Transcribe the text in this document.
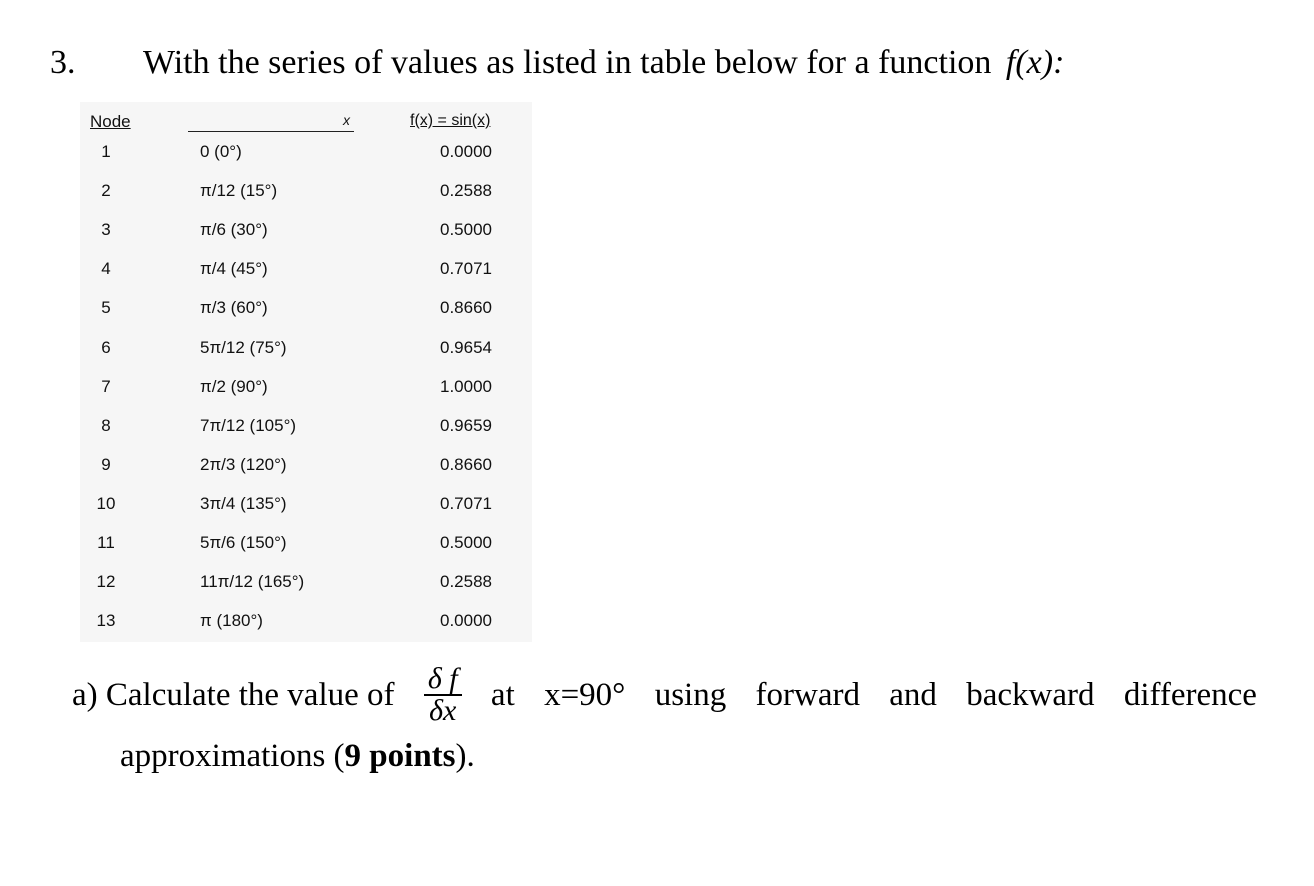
3. With the series of values as listed in table below for a function f(x):
Node	x	f(x) = sin(x)
1	0 (0°)	0.0000
2	π/12 (15°)	0.2588
3	π/6 (30°)	0.5000
4	π/4 (45°)	0.7071
5	π/3 (60°)	0.8660
6	5π/12 (75°)	0.9654
7	π/2 (90°)	1.0000
8	7π/12 (105°)	0.9659
9	2π/3 (120°)	0.8660
10	3π/4 (135°)	0.7071
11	5π/6 (150°)	0.5000
12	11π/12 (165°)	0.2588
13	π (180°)	0.0000
a) Calculate the value of $\frac{\text{δ f}}{\delta x}$ at x=90° using forward and backward difference
approximations (9 points).
